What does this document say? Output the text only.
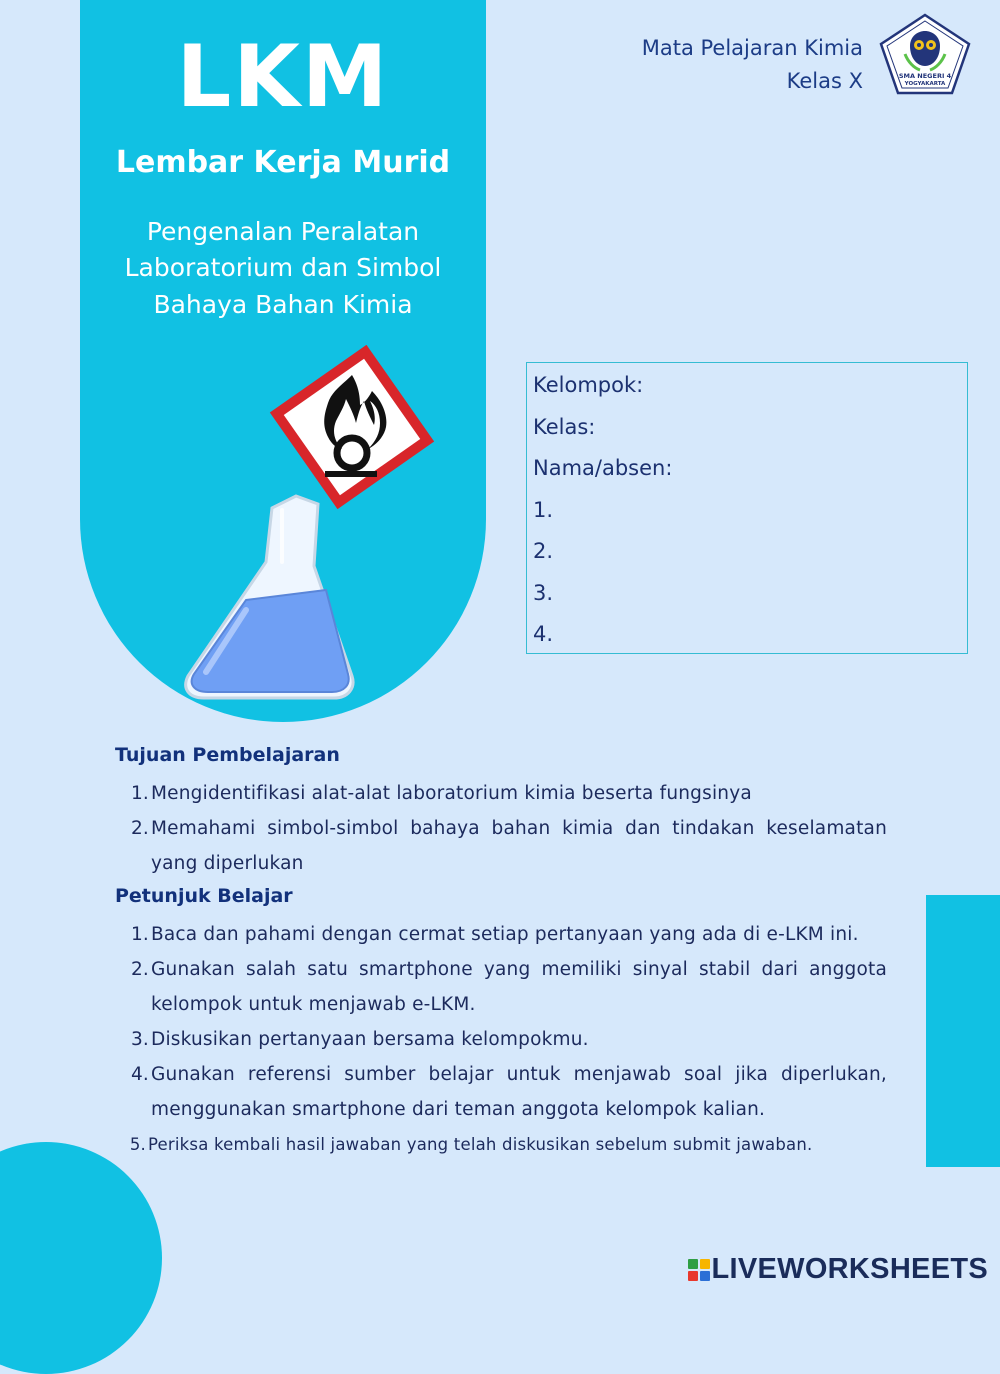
LKM
Lembar Kerja Murid
Pengenalan Peralatan
Laboratorium dan Simbol
Bahaya Bahan Kimia
Mata Pelajaran Kimia
Kelas X	SMA NEGERI 4
YOGYAKARTA
Kelompok:
Kelas:
Nama/absen:
1.
2.
3.
4.
Tujuan Pembelajaran
1. Mengidentifikasi alat-alat laboratorium kimia beserta fungsinya
2. Memahami simbol-simbol bahaya bahan kimia dan tindakan keselamatan yang diperlukan
Petunjuk Belajar
1. Baca dan pahami dengan cermat setiap pertanyaan yang ada di e-LKM ini.
2. Gunakan salah satu smartphone yang memiliki sinyal stabil dari anggota kelompok untuk menjawab e-LKM.
3. Diskusikan pertanyaan bersama kelompokmu.
4. Gunakan referensi sumber belajar untuk menjawab soal jika diperlukan, menggunakan smartphone dari teman anggota kelompok kalian.
5. Periksa kembali hasil jawaban yang telah diskusikan sebelum submit jawaban.
LIVEWORKSHEETS
